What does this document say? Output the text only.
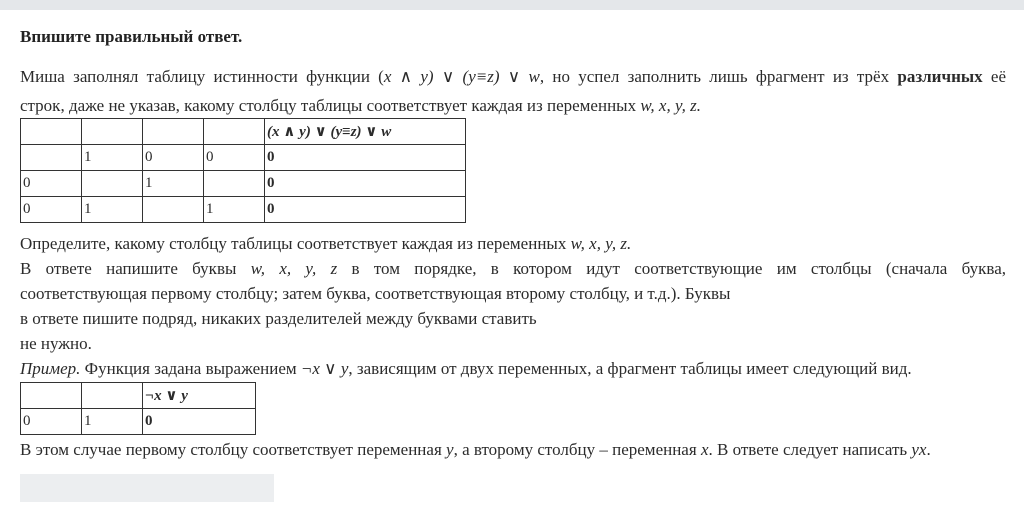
Впишите правильный ответ.
Миша заполнял таблицу истинности функции (x ∧ y) ∨ (y≡z) ∨ w, но успел заполнить лишь фрагмент из трёх различных её
строк, даже не указав, какому столбцу таблицы соответствует каждая из переменных w, x, y, z.
				(x ∧ y) ∨ (y≡z) ∨ w
	1	0	0	0
0		1		0
0	1		1	0
Определите, какому столбцу таблицы соответствует каждая из переменных w, x, y, z.
В ответе напишите буквы w, x, y, z в том порядке, в котором идут соответствующие им столбцы (сначала буква,
соответствующая первому столбцу; затем буква, соответствующая второму столбцу, и т.д.). Буквы
в ответе пишите подряд, никаких разделителей между буквами ставить
не нужно.
Пример. Функция задана выражением ¬x ∨ y, зависящим от двух переменных, а фрагмент таблицы имеет следующий вид.
		¬x ∨ y
0	1	0
В этом случае первому столбцу соответствует переменная y, а второму столбцу – переменная x. В ответе следует написать yx.
